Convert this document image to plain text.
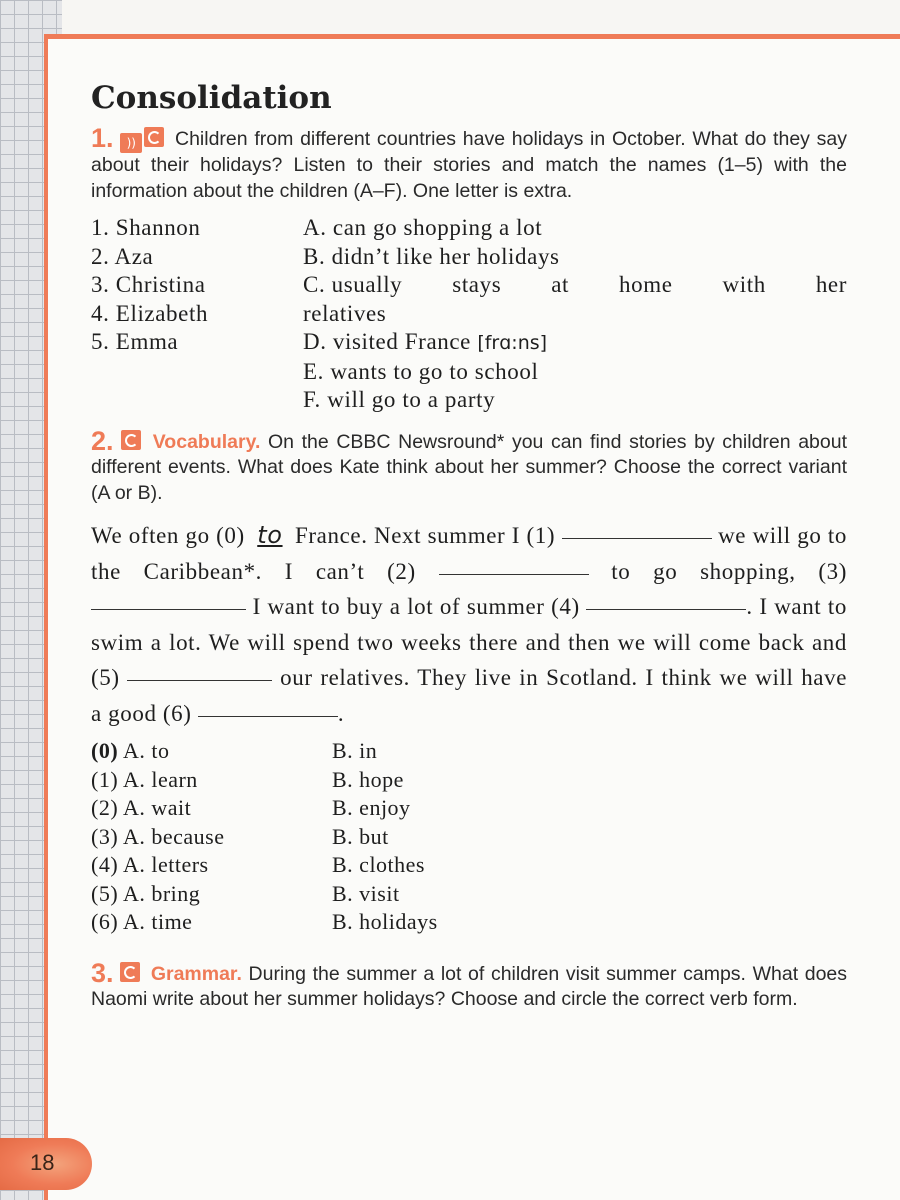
Consolidation
1. )) Children from different countries have holidays in October. What do they say about their holidays? Listen to their stories and match the names (1–5) with the information about the children (A–F). One letter is extra.
1. Shannon
2. Aza
3. Christina
4. Elizabeth
5. Emma
A. can go shopping a lot
B. didn’t like her holidays
C. usually stays at home with her
relatives
D. visited France [frɑ:ns]
E. wants to go to school
F. will go to a party
2. Vocabulary. On the CBBC Newsround* you can find stories by children about different events. What does Kate think about her summer? Choose the correct variant (A or B).
We often go (0) to France. Next summer I (1)	we will go to the Caribbean*. I can’t (2)	to go shopping, (3)  I want to buy a lot of summer (4)	. I want to swim a lot. We will spend two weeks there and then we will come back and (5)	our relatives. They live in Scotland. I think we will have a good (6)	.
(0) A. to	B. in
(1) A. learn	B. hope
(2) A. wait	B. enjoy
(3) A. because	B. but
(4) A. letters	B. clothes
(5) A. bring	B. visit
(6) A. time	B. holidays
3. Grammar. During the summer a lot of children visit summer camps. What does Naomi write about her summer holidays? Choose and circle the correct verb form.
18
